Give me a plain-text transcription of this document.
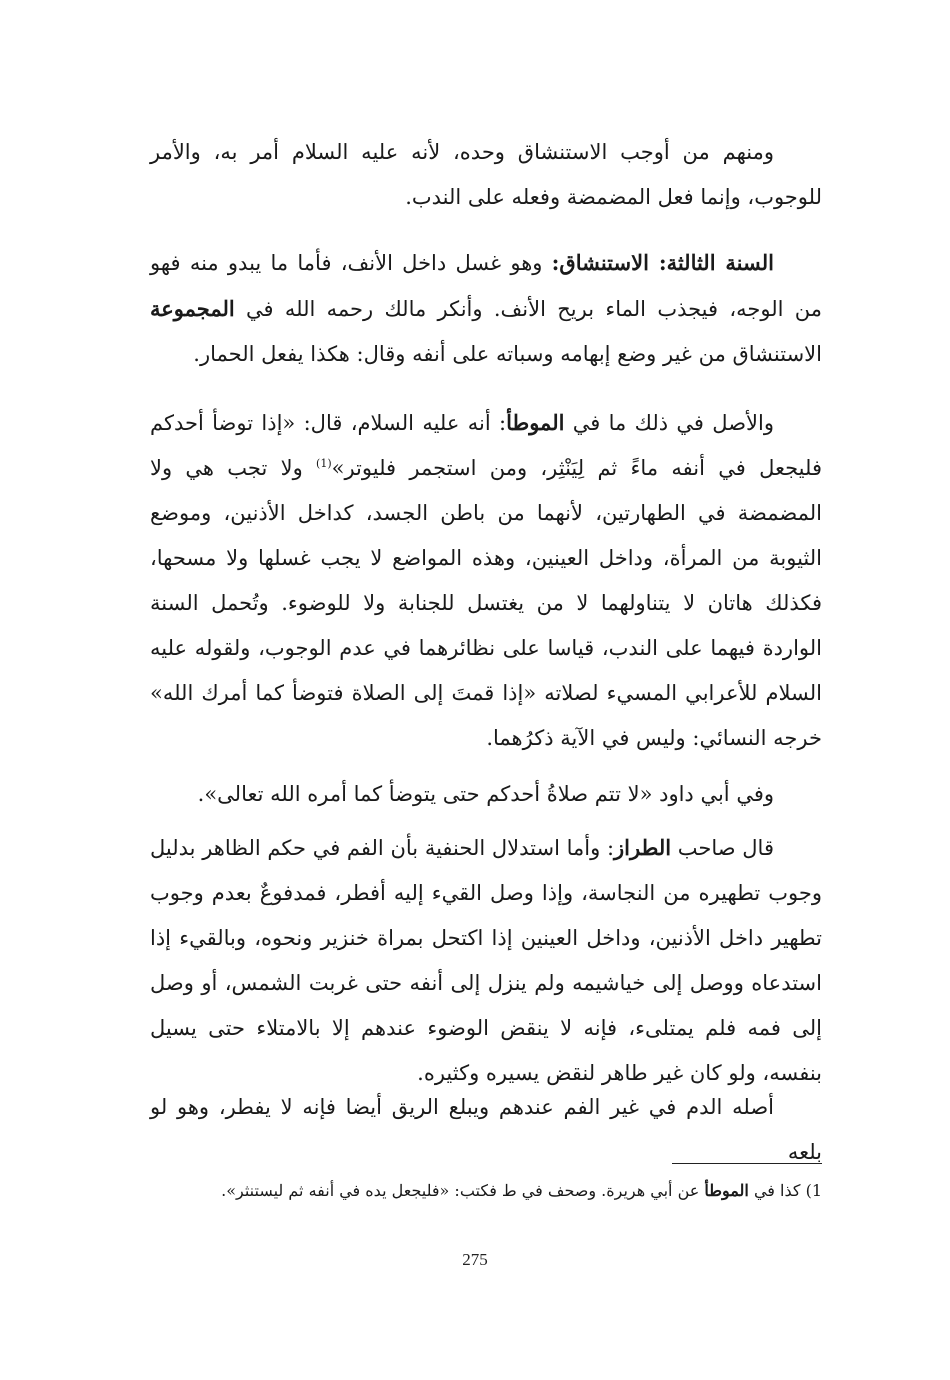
ومنهم من أوجب الاستنشاق وحده، لأنه عليه السلام أمر به، والأمر للوجوب، وإنما فعل المضمضة وفعله على الندب.

السنة الثالثة: الاستنشاق: وهو غسل داخل الأنف، فأما ما يبدو منه فهو من الوجه، فيجذب الماء بريح الأنف. وأنكر مالك رحمه الله في المجموعة الاستنشاق من غير وضع إبهامه وسباته على أنفه وقال: هكذا يفعل الحمار.

والأصل في ذلك ما في الموطأ: أنه عليه السلام، قال: «إذا توضأ أحدكم فليجعل في أنفه ماءً ثم لِيَنْثِر، ومن استجمر فليوتر»$^{(1)}$ ولا تجب هي ولا المضمضة في الطهارتين، لأنهما من باطن الجسد، كداخل الأذنين، وموضع الثيوبة من المرأة، وداخل العينين، وهذه المواضع لا يجب غسلها ولا مسحها، فكذلك هاتان لا يتناولهما لا من يغتسل للجنابة ولا للوضوء. وتُحمل السنة الواردة فيهما على الندب، قياسا على نظائرهما في عدم الوجوب، ولقوله عليه السلام للأعرابي المسيء لصلاته «إذا قمتَ إلى الصلاة فتوضأ كما أمرك الله» خرجه النسائي: وليس في الآية ذكرُهما.

وفي أبي داود «لا تتم صلاةُ أحدكم حتى يتوضأ كما أمره الله تعالى».

قال صاحب الطراز: وأما استدلال الحنفية بأن الفم في حكم الظاهر بدليل وجوب تطهيره من النجاسة، وإذا وصل القيء إليه أفطر، فمدفوعٌ بعدم وجوب تطهير داخل الأذنين، وداخل العينين إذا اكتحل بمراة خنزير ونحوه، وبالقيء إذا استدعاه ووصل إلى خياشيمه ولم ينزل إلى أنفه حتى غربت الشمس، أو وصل إلى فمه فلم يمتلىء، فإنه لا ينقض الوضوء عندهم إلا بالامتلاء حتى يسيل بنفسه، ولو كان غير طاهر لنقض يسيره وكثيره.

أصله الدم في غير الفم عندهم ويبلع الريق أيضا فإنه لا يفطر، وهو لو بلعه

1) كذا في الموطأ عن أبي هريرة. وصحف في ط فكتب: «فليجعل يده في أنفه ثم ليستنثر».
275
